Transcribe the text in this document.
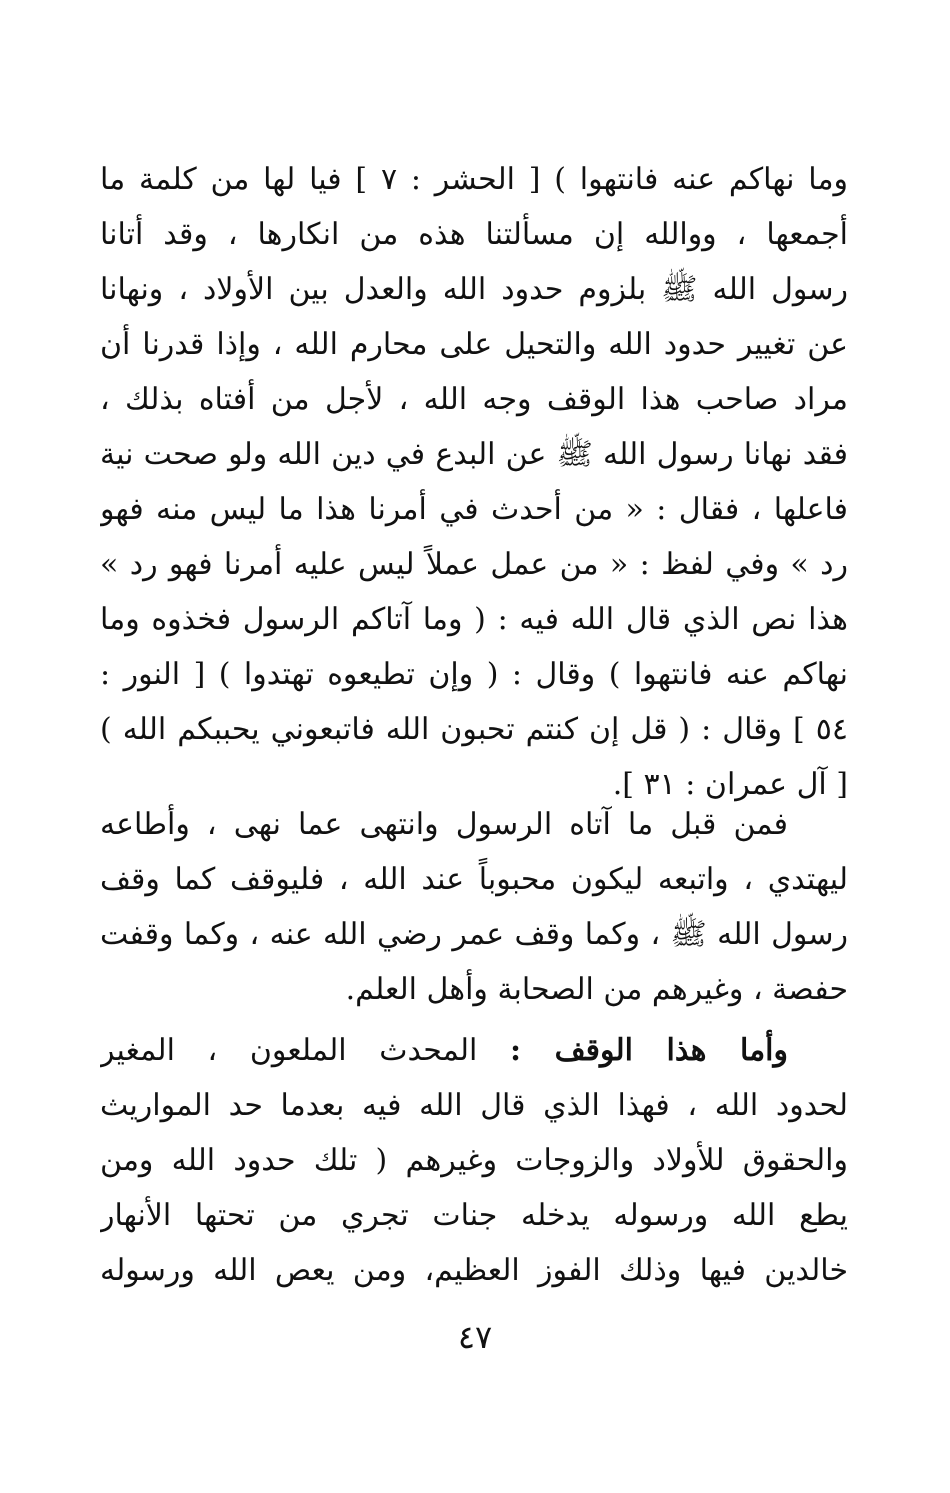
وما نهاكم عنه فانتهوا ) [ الحشر : ٧ ] فيا لها من كلمة ما
أجمعها ، ووالله إن مسألتنا هذه من انكارها ، وقد أتانا
رسول الله ﷺ بلزوم حدود الله والعدل بين الأولاد ، ونهانا
عن تغيير حدود الله والتحيل على محارم الله ، وإذا قدرنا أن
مراد صاحب هذا الوقف وجه الله ، لأجل من أفتاه بذلك ،
فقد نهانا رسول الله ﷺ عن البدع في دين الله ولو صحت نية
فاعلها ، فقال : « من أحدث في أمرنا هذا ما ليس منه فهو
رد » وفي لفظ : « من عمل عملاً ليس عليه أمرنا فهو رد »
هذا نص الذي قال الله فيه : ( وما آتاكم الرسول فخذوه وما
نهاكم عنه فانتهوا ) وقال : ( وإن تطيعوه تهتدوا ) [ النور :
٥٤ ] وقال : ( قل إن كنتم تحبون الله فاتبعوني يحببكم الله )
[ آل عمران : ٣١ ].
فمن قبل ما آتاه الرسول وانتهى عما نهى ، وأطاعه
ليهتدي ، واتبعه ليكون محبوباً عند الله ، فليوقف كما وقف
رسول الله ﷺ ، وكما وقف عمر رضي الله عنه ، وكما وقفت
حفصة ، وغيرهم من الصحابة وأهل العلم.
وأما هذا الوقف : المحدث الملعون ، المغير
لحدود الله ، فهذا الذي قال الله فيه بعدما حد المواريث
والحقوق للأولاد والزوجات وغيرهم ( تلك حدود الله ومن
يطع الله ورسوله يدخله جنات تجري من تحتها الأنهار
خالدين فيها وذلك الفوز العظيم، ومن يعص الله ورسوله
٤٧
